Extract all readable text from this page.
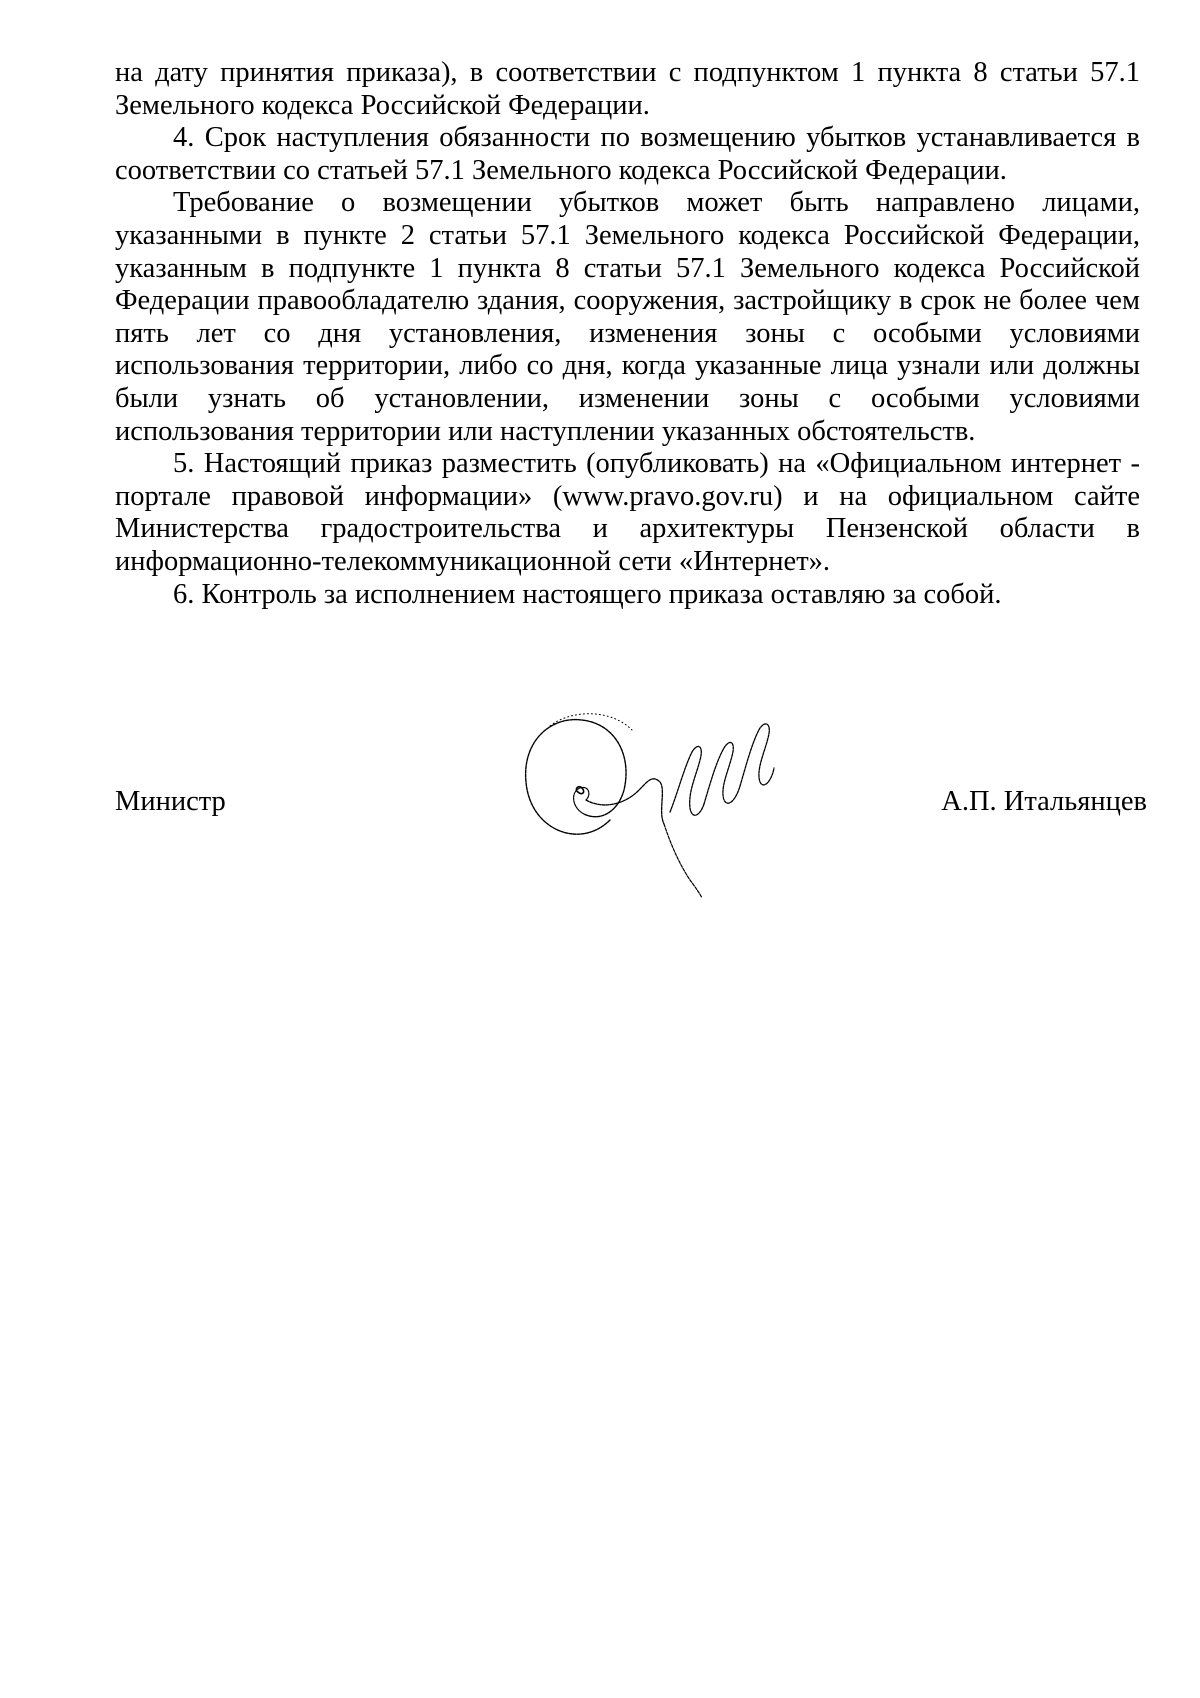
на дату принятия приказа), в соответствии с подпунктом 1 пункта 8 статьи 57.1 Земельного кодекса Российской Федерации.

4. Срок наступления обязанности по возмещению убытков устанавливается в соответствии со статьей 57.1 Земельного кодекса Российской Федерации.

Требование о возмещении убытков может быть направлено лицами, указанными в пункте 2 статьи 57.1 Земельного кодекса Российской Федерации, указанным в подпункте 1 пункта 8 статьи 57.1 Земельного кодекса Российской Федерации правообладателю здания, сооружения, застройщику в срок не более чем пять лет со дня установления, изменения зоны с особыми условиями использования территории, либо со дня, когда указанные лица узнали или должны были узнать об установлении, изменении зоны с особыми условиями использования территории или наступлении указанных обстоятельств.

5. Настоящий приказ разместить (опубликовать) на «Официальном интернет - портале правовой информации» (www.pravo.gov.ru) и на официальном сайте Министерства градостроительства и архитектуры Пензенской области в информационно-телекоммуникационной сети «Интернет».

6. Контроль за исполнением настоящего приказа оставляю за собой.

Министр	А.П. Итальянцев
